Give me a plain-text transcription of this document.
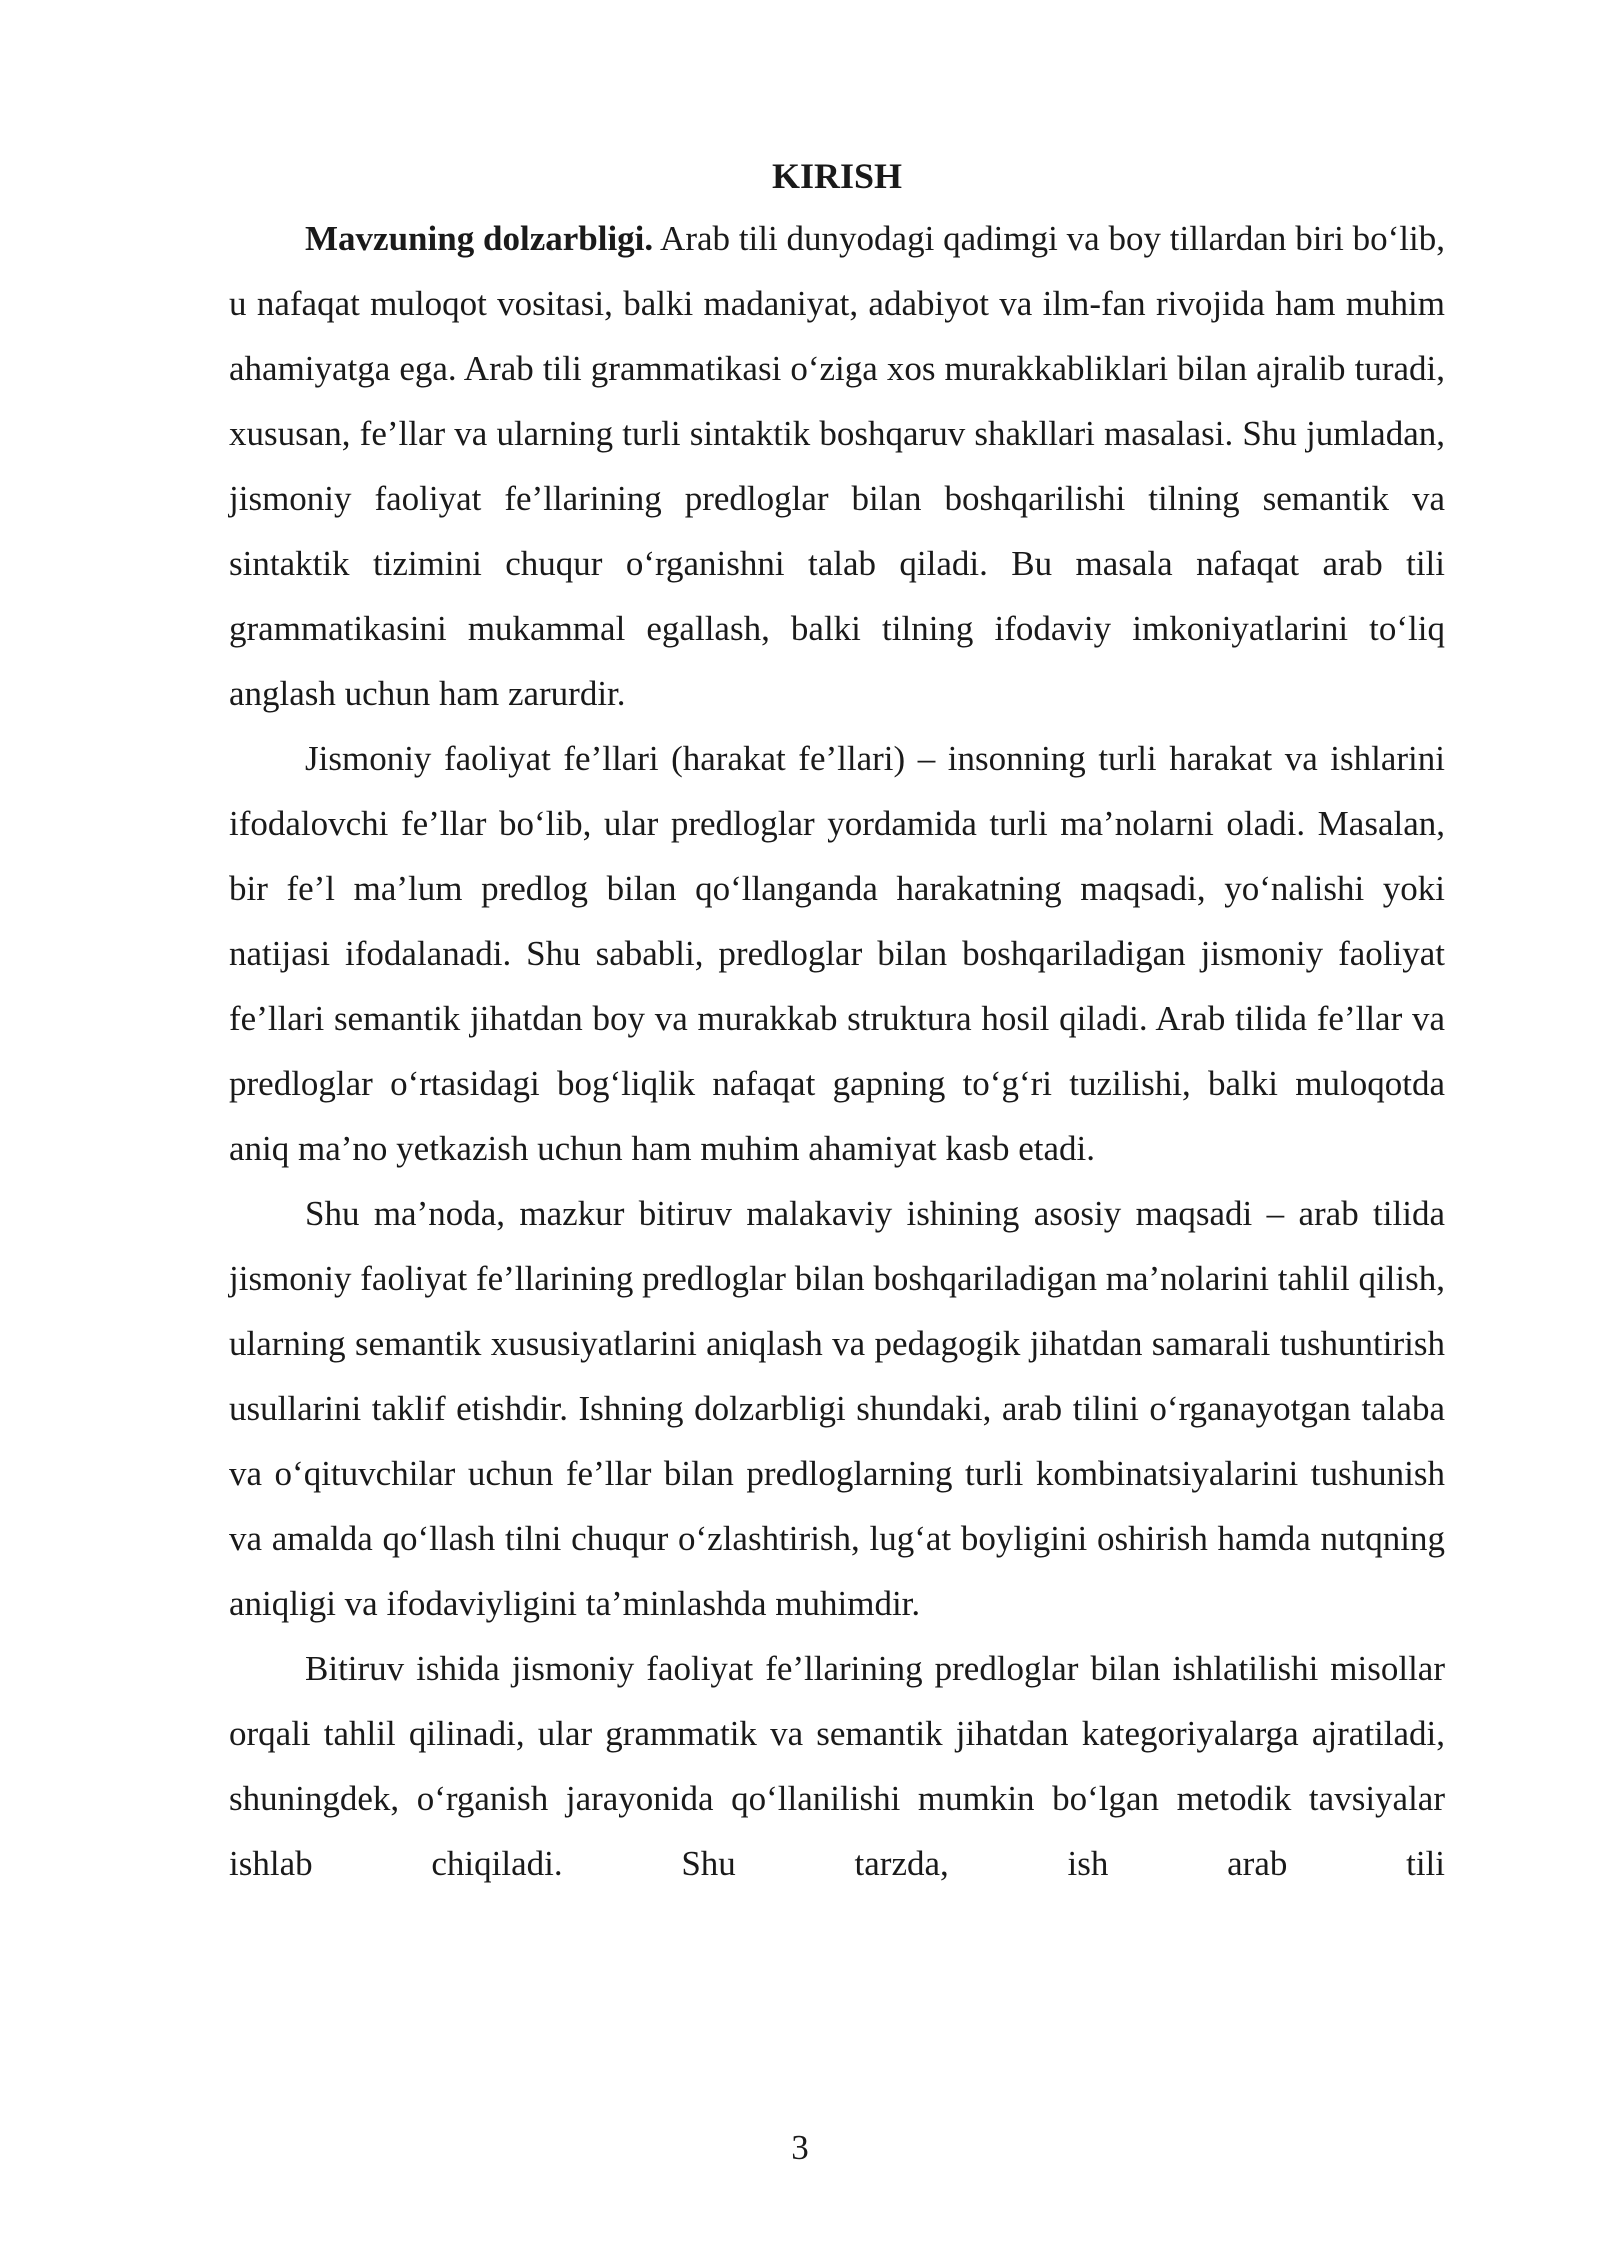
KIRISH

Mavzuning dolzarbligi. Arab tili dunyodagi qadimgi va boy tillardan biri bo‘lib, u nafaqat muloqot vositasi, balki madaniyat, adabiyot va ilm-fan rivojida ham muhim ahamiyatga ega. Arab tili grammatikasi o‘ziga xos murakkabliklari bilan ajralib turadi, xususan, fe’llar va ularning turli sintaktik boshqaruv shakllari masalasi. Shu jumladan, jismoniy faoliyat fe’llarining predloglar bilan boshqarilishi tilning semantik va sintaktik tizimini chuqur o‘rganishni talab qiladi. Bu masala nafaqat arab tili grammatikasini mukammal egallash, balki tilning ifodaviy imkoniyatlarini to‘liq anglash uchun ham zarurdir.

Jismoniy faoliyat fe’llari (harakat fe’llari) – insonning turli harakat va ishlarini ifodalovchi fe’llar bo‘lib, ular predloglar yordamida turli ma’nolarni oladi. Masalan, bir fe’l ma’lum predlog bilan qo‘llanganda harakatning maqsadi, yo‘nalishi yoki natijasi ifodalanadi. Shu sababli, predloglar bilan boshqariladigan jismoniy faoliyat fe’llari semantik jihatdan boy va murakkab struktura hosil qiladi. Arab tilida fe’llar va predloglar o‘rtasidagi bog‘liqlik nafaqat gapning to‘g‘ri tuzilishi, balki muloqotda aniq ma’no yetkazish uchun ham muhim ahamiyat kasb etadi.

Shu ma’noda, mazkur bitiruv malakaviy ishining asosiy maqsadi – arab tilida jismoniy faoliyat fe’llarining predloglar bilan boshqariladigan ma’nolarini tahlil qilish, ularning semantik xususiyatlarini aniqlash va pedagogik jihatdan samarali tushuntirish usullarini taklif etishdir. Ishning dolzarbligi shundaki, arab tilini o‘rganayotgan talaba va o‘qituvchilar uchun fe’llar bilan predloglarning turli kombinatsiyalarini tushunish va amalda qo‘llash tilni chuqur o‘zlashtirish, lug‘at boyligini oshirish hamda nutqning aniqligi va ifodaviyligini ta’minlashda muhimdir.

Bitiruv ishida jismoniy faoliyat fe’llarining predloglar bilan ishlatilishi misollar orqali tahlil qilinadi, ular grammatik va semantik jihatdan kategoriyalarga ajratiladi, shuningdek, o‘rganish jarayonida qo‘llanilishi mumkin bo‘lgan metodik tavsiyalar ishlab chiqiladi. Shu tarzda, ish arab tili

3
